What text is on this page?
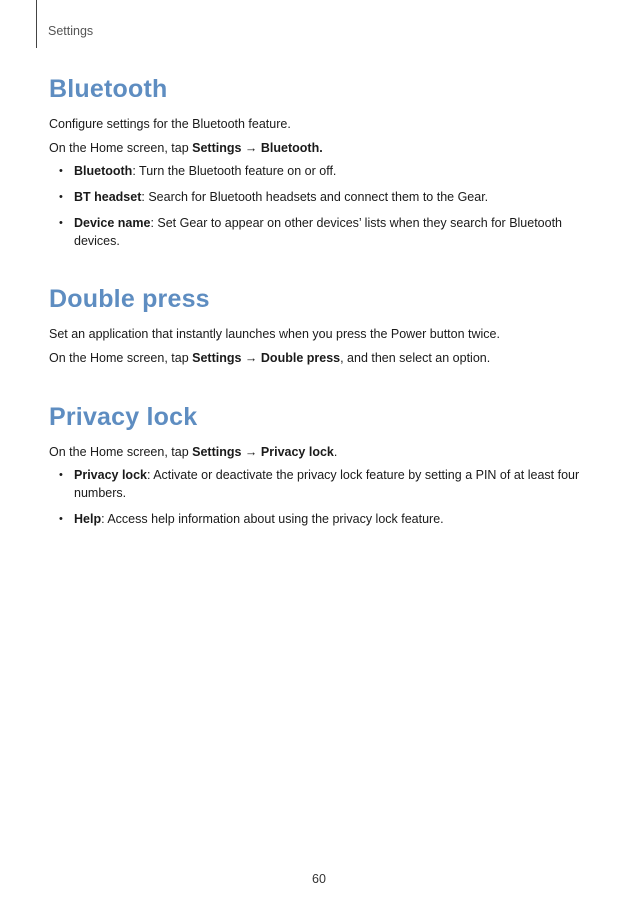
Settings
Bluetooth

Configure settings for the Bluetooth feature.

On the Home screen, tap Settings → Bluetooth.

• Bluetooth: Turn the Bluetooth feature on or off.
• BT headset: Search for Bluetooth headsets and connect them to the Gear.
• Device name: Set Gear to appear on other devices’ lists when they search for Bluetooth devices.
Double press

Set an application that instantly launches when you press the Power button twice.

On the Home screen, tap Settings → Double press, and then select an option.

Privacy lock

On the Home screen, tap Settings → Privacy lock.

• Privacy lock: Activate or deactivate the privacy lock feature by setting a PIN of at least four numbers.
• Help: Access help information about using the privacy lock feature.
60
